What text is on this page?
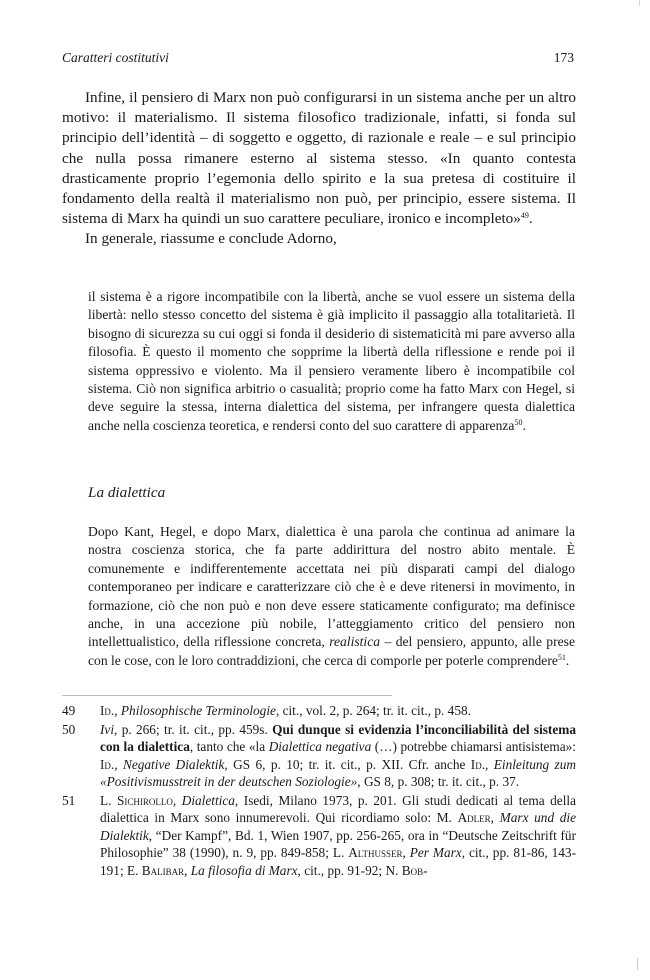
Caratteri costitutivi	173

Infine, il pensiero di Marx non può configurarsi in un sistema anche per un altro motivo: il materialismo. Il sistema filosofico tradizionale, infatti, si fonda sul principio dell’identità – di soggetto e oggetto, di razionale e reale – e sul principio che nulla possa rimanere esterno al sistema stesso. «In quanto contesta drasticamente proprio l’egemonia dello spirito e la sua pretesa di costituire il fondamento della realtà il materialismo non può, per principio, essere sistema. Il sistema di Marx ha quindi un suo carattere peculiare, ironico e incompleto»$^{49}$.

In generale, riassume e conclude Adorno,

il sistema è a rigore incompatibile con la libertà, anche se vuol essere un sistema della libertà: nello stesso concetto del sistema è già implicito il passaggio alla totalitarietà. Il bisogno di sicurezza su cui oggi si fonda il desiderio di sistematicità mi pare avverso alla filosofia. È questo il momento che sopprime la libertà della riflessione e rende poi il sistema oppressivo e violento. Ma il pensiero veramente libero è incompatibile col sistema. Ciò non significa arbitrio o casualità; proprio come ha fatto Marx con Hegel, si deve seguire la stessa, interna dialettica del sistema, per infrangere questa dialettica anche nella coscienza teoretica, e rendersi conto del suo carattere di apparenza$^{50}$.

La dialettica

Dopo Kant, Hegel, e dopo Marx, dialettica è una parola che continua ad animare la nostra coscienza storica, che fa parte addirittura del nostro abito mentale. È comunemente e indifferentemente accettata nei più disparati campi del dialogo contemporaneo per indicare e caratterizzare ciò che è e deve ritenersi in movimento, in formazione, ciò che non può e non deve essere staticamente configurato; ma definisce anche, in una accezione più nobile, l’atteggiamento critico del pensiero non intellettualistico, della riflessione concreta, realistica – del pensiero, appunto, alle prese con le cose, con le loro contraddizioni, che cerca di comporle per poterle comprendere$^{51}$.

49	Id., Philosophische Terminologie, cit., vol. 2, p. 264; tr. it. cit., p. 458.

50	Ivi, p. 266; tr. it. cit., pp. 459s. Qui dunque si evidenzia l’inconciliabilità del sistema con la dialettica, tanto che «la Dialettica negativa (…) potrebbe chiamarsi antisistema»: Id., Negative Dialektik, GS 6, p. 10; tr. it. cit., p. XII. Cfr. anche Id., Einleitung zum «Positivismusstreit in der deutschen Soziologie», GS 8, p. 308; tr. it. cit., p. 37.

51	L. Sichirollo, Dialettica, Isedi, Milano 1973, p. 201. Gli studi dedicati al tema della dialettica in Marx sono innumerevoli. Qui ricordiamo solo: M. Adler, Marx und die Dialektik, “Der Kampf”, Bd. 1, Wien 1907, pp. 256-265, ora in “Deutsche Zeitschrift für Philosophie” 38 (1990), n. 9, pp. 849-858; L. Althusser, Per Marx, cit., pp. 81-86, 143-191; E. Balibar, La filosofia di Marx, cit., pp. 91-92; N. Bob-
